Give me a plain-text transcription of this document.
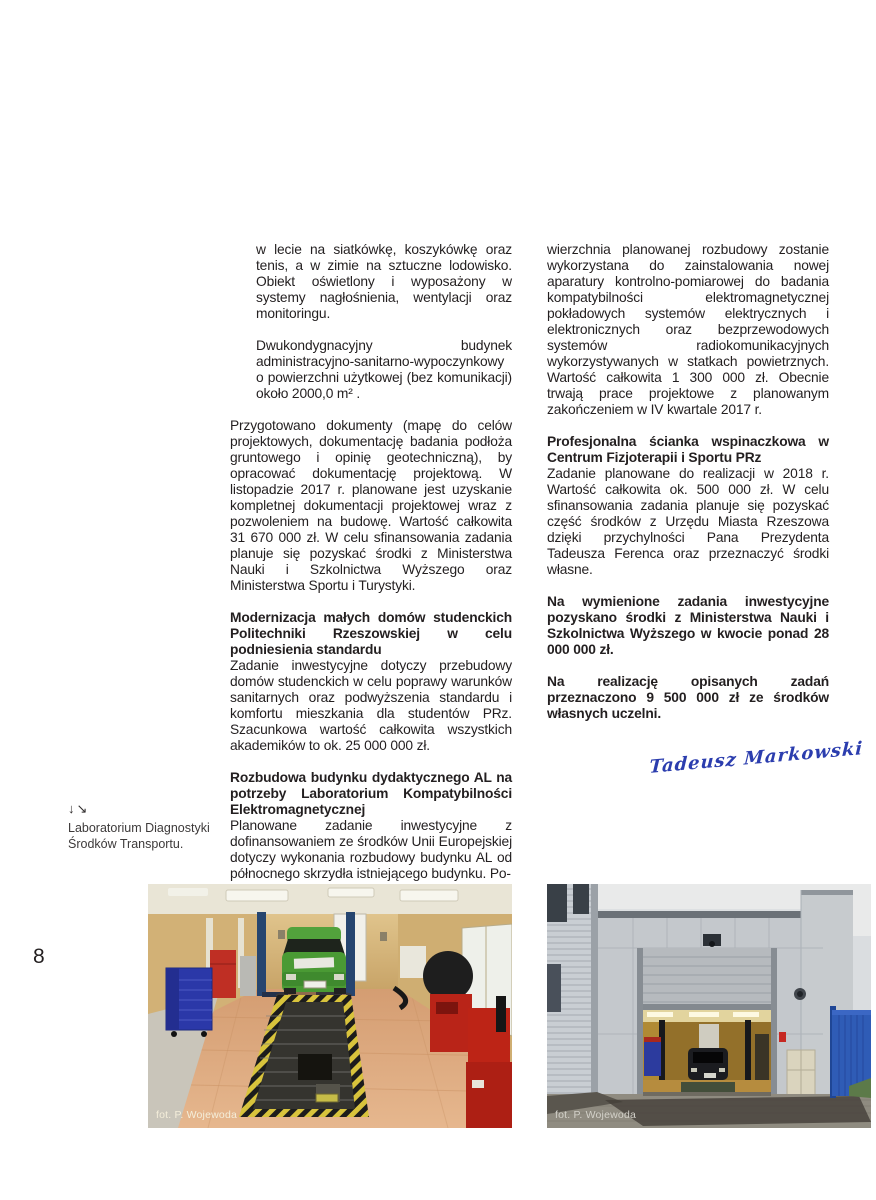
8
↓↘
Laboratorium Diagnostyki
Środków Transportu.

w lecie na siatkówkę, koszykówkę oraz tenis, a w zimie na sztuczne lodowisko. Obiekt oświetlony i wyposażony w systemy nagłośnienia, wentylacji oraz monitoringu.

Dwukondygnacyjny budynek administracyjno-sanitarno-wypoczynkowy o powierzchni użytkowej (bez komunikacji) około 2000,0 m² .

Przygotowano dokumenty (mapę do celów projektowych, dokumentację badania podłoża gruntowego i opinię geotechniczną), by opracować dokumentację projektową. W listopadzie 2017 r. planowane jest uzyskanie kompletnej dokumentacji projektowej wraz z pozwoleniem na budowę. Wartość całkowita 31 670 000 zł. W celu sfinansowania zadania planuje się pozyskać środki z Ministerstwa Nauki i Szkolnictwa Wyższego oraz Ministerstwa Sportu i Turystyki.

Modernizacja małych domów studenckich Politechniki Rzeszowskiej w celu podniesienia standardu

Zadanie inwestycyjne dotyczy przebudowy domów studenckich w celu poprawy warunków sanitarnych oraz podwyższenia standardu i komfortu mieszkania dla studentów PRz. Szacunkowa wartość całkowita wszystkich akademików to ok. 25 000 000 zł.

Rozbudowa budynku dydaktycznego AL na potrzeby Laboratorium Kompatybilności Elektromagnetycznej

Planowane zadanie inwestycyjne z dofinansowaniem ze środków Unii Europejskiej dotyczy wykonania rozbudowy budynku AL od północnego skrzydła istniejącego budynku. Po-

wierzchnia planowanej rozbudowy zostanie wykorzystana do zainstalowania nowej aparatury kontrolno-pomiarowej do badania kompatybilności elektromagnetycznej pokładowych systemów elektrycznych i elektronicznych oraz bezprzewodowych systemów radiokomunikacyjnych wykorzystywanych w statkach powietrznych. Wartość całkowita 1 300 000 zł. Obecnie trwają prace projektowe z planowanym zakończeniem w IV kwartale 2017 r.

Profesjonalna ścianka wspinaczkowa w Centrum Fizjoterapii i Sportu PRz

Zadanie planowane do realizacji w 2018 r. Wartość całkowita ok. 500 000 zł. W celu sfinansowania zadania planuje się pozyskać część środków z Urzędu Miasta Rzeszowa dzięki przychylności Pana Prezydenta Tadeusza Ferenca oraz przeznaczyć środki własne.

Na wymienione zadania inwestycyjne pozyskano środki z Ministerstwa Nauki i Szkolnictwa Wyższego w kwocie ponad 28 000 000 zł.

Na realizację opisanych zadań przeznaczono 9 500 000 zł ze środków własnych uczelni.

Tadeusz Markowski
fot. P. Wojewoda	fot. P. Wojewoda
